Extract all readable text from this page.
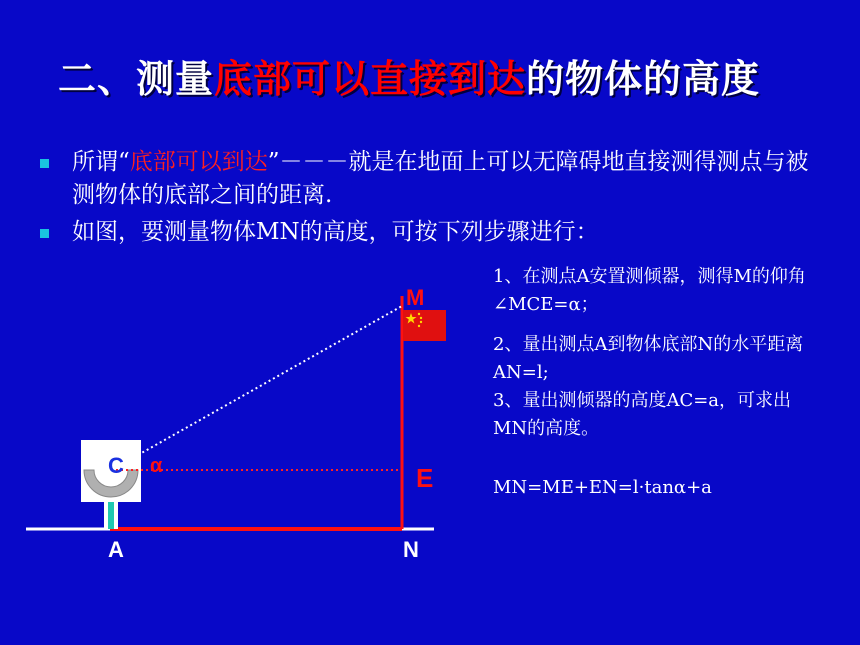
二、测量底部可以直接到达的物体的高度
所谓“底部可以到达”－－－就是在地面上可以无障碍地直接测得测点与被测物体的底部之间的距离.
如图，要测量物体MN的高度，可按下列步骤进行：

1、在测点A安置测倾器，测得M的仰角∠MCE=α；

2、量出测点A到物体底部N的水平距离AN=l;

3、量出测倾器的高度AC=a，可求出MN的高度。

MN=ME+EN=l·tanα+a
M
C α	E
A	N
